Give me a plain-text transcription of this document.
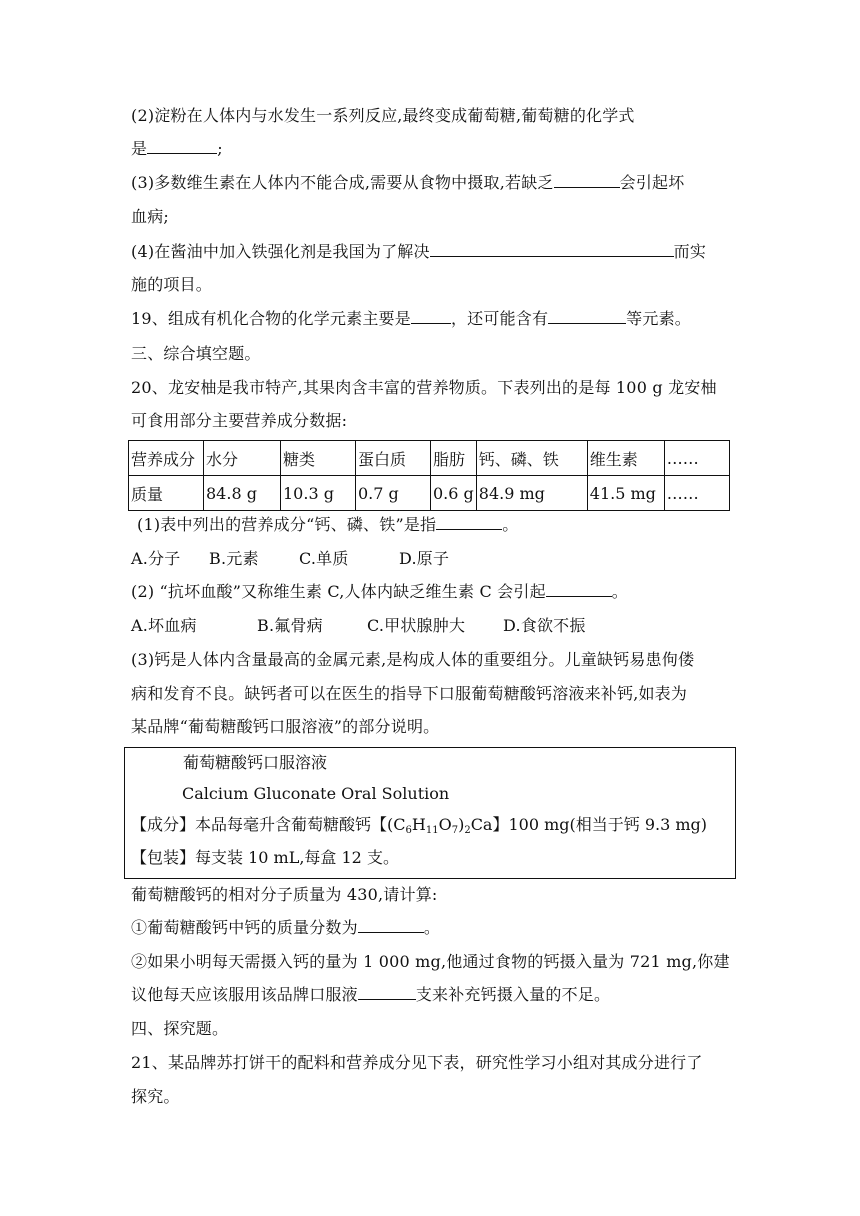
(2)淀粉在人体内与水发生一系列反应,最终变成葡萄糖,葡萄糖的化学式
是	;
(3)多数维生素在人体内不能合成,需要从食物中摄取,若缺乏	会引起坏
血病;
(4)在酱油中加入铁强化剂是我国为了解决	而实
施的项目。
19、组成有机化合物的化学元素主要是	，还可能含有	等元素。
三、综合填空题。
20、龙安柚是我市特产,其果肉含丰富的营养物质。下表列出的是每 100 g 龙安柚
可食用部分主要营养成分数据:
营养成分	水分	糖类	蛋白质	脂肪	钙、磷、铁	维生素	……
质量	84.8 g	10.3 g	0.7 g	0.6 g	84.9 mg	41.5 mg	……
(1)表中列出的营养成分“钙、磷、铁”是指	。
A.分子 B.元素	C.单质	D.原子
(2) “抗坏血酸”又称维生素 C,人体内缺乏维生素 C 会引起	。
A.坏血病	B.氟骨病	C.甲状腺肿大 D.食欲不振
(3)钙是人体内含量最高的金属元素,是构成人体的重要组分。儿童缺钙易患佝偻
病和发育不良。缺钙者可以在医生的指导下口服葡萄糖酸钙溶液来补钙,如表为
某品牌“葡萄糖酸钙口服溶液”的部分说明。
葡萄糖酸钙口服溶液
Calcium Gluconate Oral Solution
【成分】本品每毫升含葡萄糖酸钙【$(C_6H_{11}O_7)_2Ca$】100 mg(相当于钙 9.3 mg)
【包装】每支装 10 mL,每盒 12 支。
葡萄糖酸钙的相对分子质量为 430,请计算:
①葡萄糖酸钙中钙的质量分数为	。
②如果小明每天需摄入钙的量为 1 000 mg,他通过食物的钙摄入量为 721 mg,你建
议他每天应该服用该品牌口服液	支来补充钙摄入量的不足。
四、探究题。
21、某品牌苏打饼干的配料和营养成分见下表，研究性学习小组对其成分进行了
探究。
